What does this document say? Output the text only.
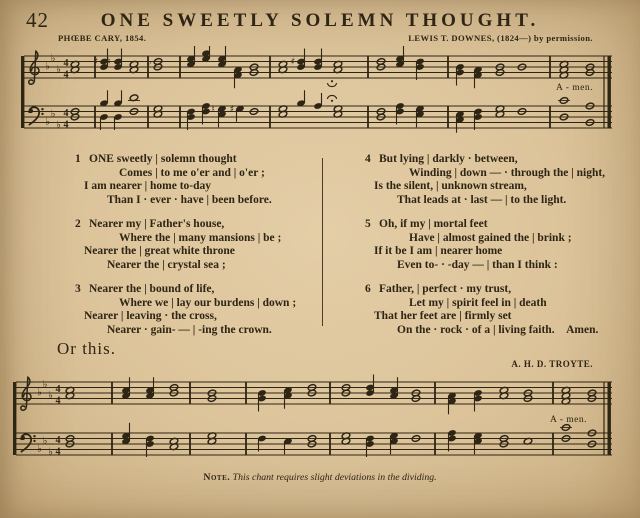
42	ONE SWEETLY SOLEMN THOUGHT.
PHŒBE CARY, 1854.	LEWIS T. DOWNES, (1824—) by permission.
♭
♭
♭ 4
4
♯ ♮	♭	♯
♭
♭
♭
4
4
♮ ♯
A - men.
1 ONE sweetly | solemn thought
Comes | to me o'er and | o'er ;
I am nearer | home to-day
Than I · ever · have | been before.
2 Nearer my | Father's house,
Where the | many mansions | be ;
Nearer the | great white throne
Nearer the | crystal sea ;
3 Nearer the | bound of life,
Where we | lay our burdens | down ;
Nearer | leaving · the cross,
Nearer · gain- — | -ing the crown.
4 But lying | darkly · between,
Winding | down — · through the | night,
Is the silent, | unknown stream,
That leads at · last — | to the light.
5 Oh, if my | mortal feet
Have | almost gained the | brink ;
If it be I am | nearer home
Even to- · -day — | than I think :
6 Father, | perfect · my trust,
Let my | spirit feel in | death
That her feet are | firmly set
On the · rock · of a | living faith. Amen.
Or this.
A. H. D. TROYTE.
♭
♭
♭ 4
4
♭
♭
♭
4
4
A - men.
Note. This chant requires slight deviations in the dividing.
